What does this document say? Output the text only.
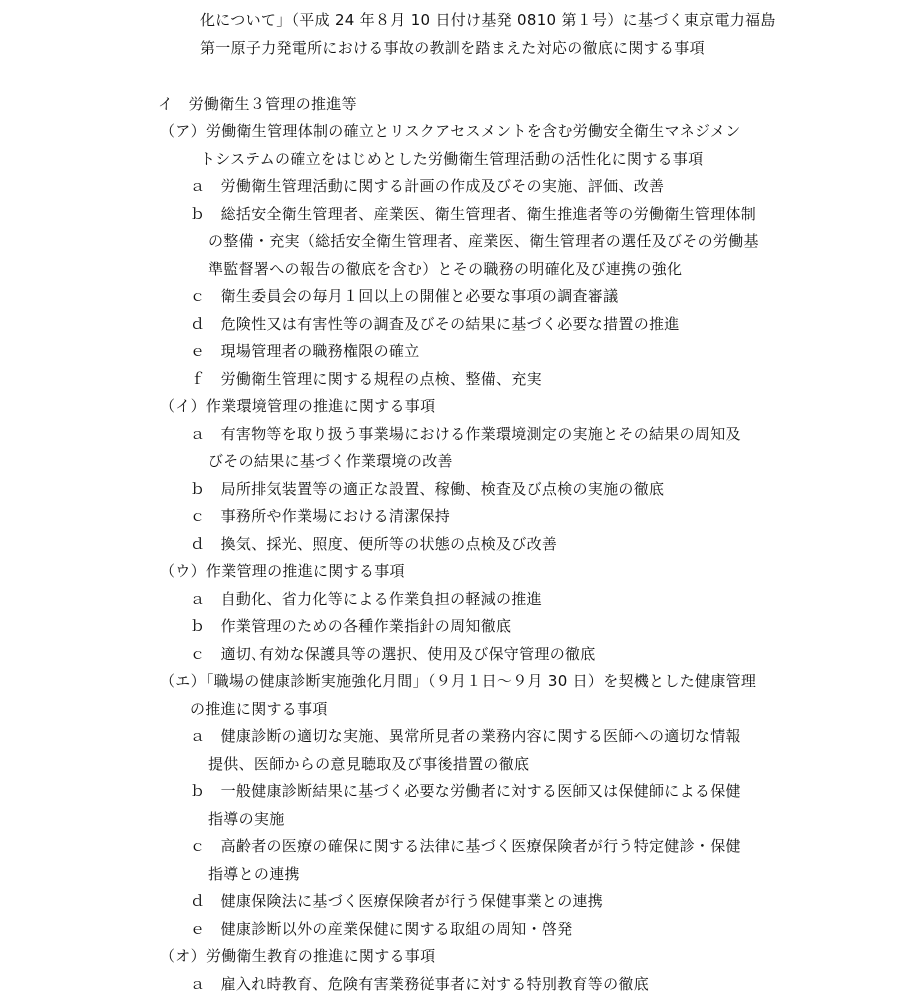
化について」（平成 24 年８月 10 日付け基発 0810 第１号）に基づく東京電力福島
第一原子力発電所における事故の教訓を踏まえた対応の徹底に関する事項
イ　労働衛生３管理の推進等
（ア）労働衛生管理体制の確立とリスクアセスメントを含む労働安全衛生マネジメン
トシステムの確立をはじめとした労働衛生管理活動の活性化に関する事項
ａ　労働衛生管理活動に関する計画の作成及びその実施、評価、改善
ｂ　総括安全衛生管理者、産業医、衛生管理者、衛生推進者等の労働衛生管理体制
の整備・充実（総括安全衛生管理者、産業医、衛生管理者の選任及びその労働基
準監督署への報告の徹底を含む）とその職務の明確化及び連携の強化
ｃ　衛生委員会の毎月１回以上の開催と必要な事項の調査審議
ｄ　危険性又は有害性等の調査及びその結果に基づく必要な措置の推進
ｅ　現場管理者の職務権限の確立
ｆ　労働衛生管理に関する規程の点検、整備、充実
（イ）作業環境管理の推進に関する事項
ａ　有害物等を取り扱う事業場における作業環境測定の実施とその結果の周知及
びその結果に基づく作業環境の改善
ｂ　局所排気装置等の適正な設置、稼働、検査及び点検の実施の徹底
ｃ　事務所や作業場における清潔保持
ｄ　換気、採光、照度、便所等の状態の点検及び改善
（ウ）作業管理の推進に関する事項
ａ　自動化、省力化等による作業負担の軽減の推進
ｂ　作業管理のための各種作業指針の周知徹底
ｃ　適切､有効な保護具等の選択、使用及び保守管理の徹底
（エ）「職場の健康診断実施強化月間」（９月１日～９月 30 日）を契機とした健康管理
の推進に関する事項
ａ　健康診断の適切な実施、異常所見者の業務内容に関する医師への適切な情報
提供、医師からの意見聴取及び事後措置の徹底
ｂ　一般健康診断結果に基づく必要な労働者に対する医師又は保健師による保健
指導の実施
ｃ　高齢者の医療の確保に関する法律に基づく医療保険者が行う特定健診・保健
指導との連携
ｄ　健康保険法に基づく医療保険者が行う保健事業との連携
ｅ　健康診断以外の産業保健に関する取組の周知・啓発
（オ）労働衛生教育の推進に関する事項
ａ　雇入れ時教育、危険有害業務従事者に対する特別教育等の徹底
